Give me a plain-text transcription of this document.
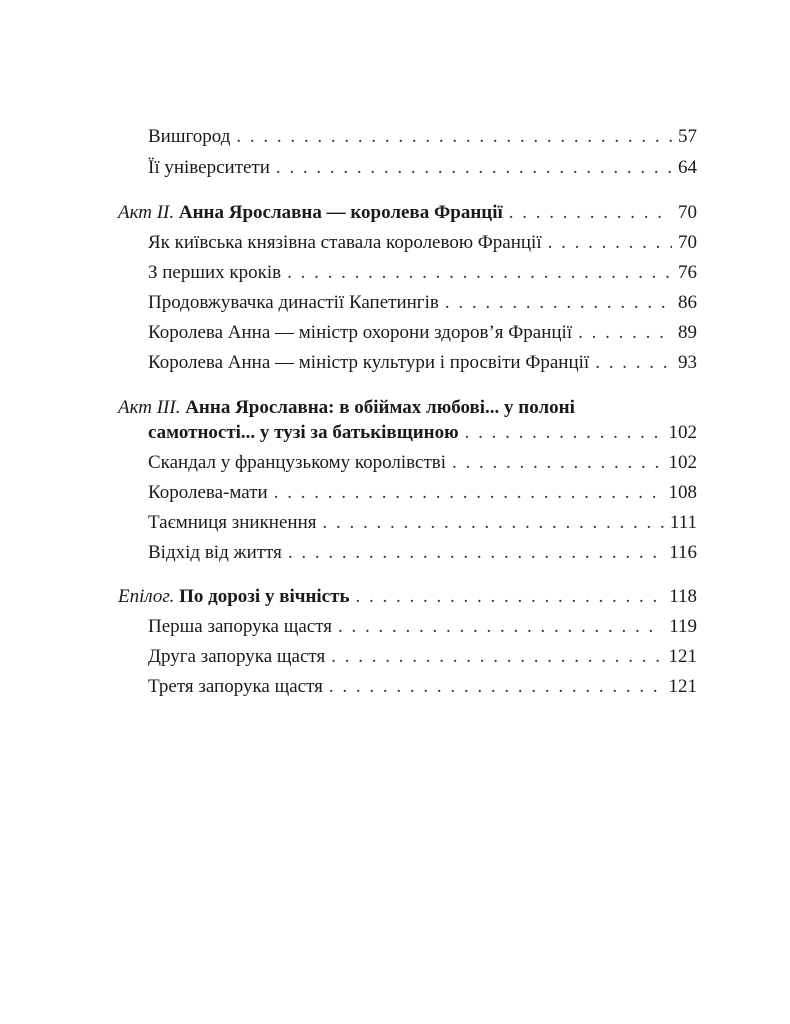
Вишгород . . .	57
Її університети . . .	64
Акт ІІ. Анна Ярославна — королева Франції . . .	70
Як київська князівна ставала королевою Франції . . .	70
З перших кроків . . .	76
Продовжувачка династії Капетингів . . .	86
Королева Анна — міністр охорони здоров’я Франції . . .	89
Королева Анна — міністр культури і просвіти Франції . . .	93
Акт ІІІ. Анна Ярославна: в обіймах любові... у полоні
самотності... у тузі за батьківщиною . . .	102
Скандал у французькому королівстві . . .	102
Королева-мати . . .	108
Таємниця зникнення . . .	111
Відхід від життя . . .	116
Епілог. По дорозі у вічність . . .	118
Перша запорука щастя . . .	119
Друга запорука щастя . . .	121
Третя запорука щастя . . .	121
